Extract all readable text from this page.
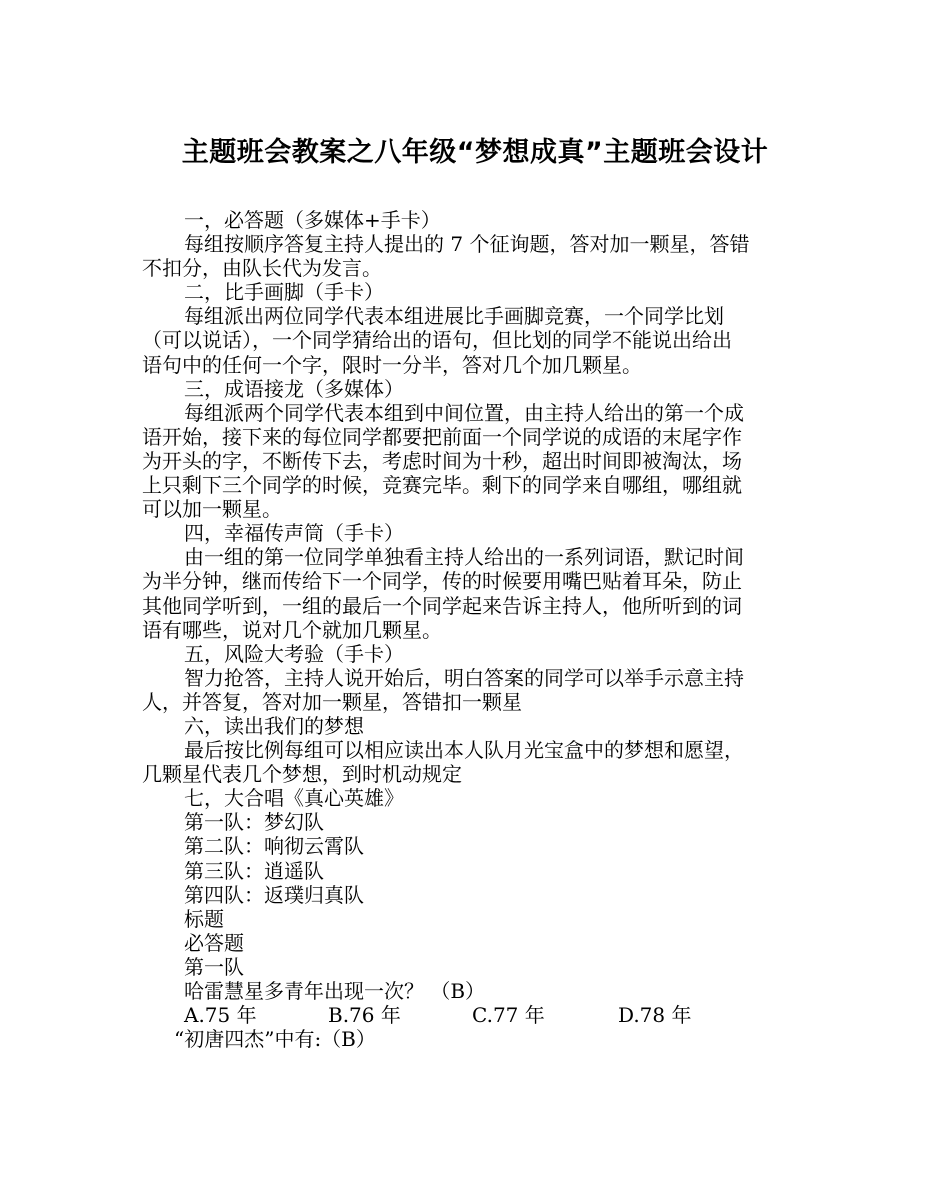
主题班会教案之八年级“梦想成真”主题班会设计
一，必答题（多媒体+手卡）
每组按顺序答复主持人提出的 7 个征询题，答对加一颗星，答错
不扣分，由队长代为发言。
二，比手画脚（手卡）
每组派出两位同学代表本组进展比手画脚竞赛，一个同学比划
（可以说话），一个同学猜给出的语句，但比划的同学不能说出给出
语句中的任何一个字，限时一分半，答对几个加几颗星。
三，成语接龙（多媒体）
每组派两个同学代表本组到中间位置，由主持人给出的第一个成
语开始，接下来的每位同学都要把前面一个同学说的成语的末尾字作
为开头的字，不断传下去，考虑时间为十秒，超出时间即被淘汰，场
上只剩下三个同学的时候，竞赛完毕。剩下的同学来自哪组，哪组就
可以加一颗星。
四，幸福传声筒（手卡）
由一组的第一位同学单独看主持人给出的一系列词语，默记时间
为半分钟，继而传给下一个同学，传的时候要用嘴巴贴着耳朵，防止
其他同学听到，一组的最后一个同学起来告诉主持人，他所听到的词
语有哪些，说对几个就加几颗星。
五，风险大考验（手卡）
智力抢答，主持人说开始后，明白答案的同学可以举手示意主持
人，并答复，答对加一颗星，答错扣一颗星
六，读出我们的梦想
最后按比例每组可以相应读出本人队月光宝盒中的梦想和愿望，
几颗星代表几个梦想，到时机动规定
七，大合唱《真心英雄》
第一队：梦幻队
第二队：响彻云霄队
第三队：逍遥队
第四队：返璞归真队
标题
必答题
第一队
哈雷慧星多青年出现一次？ （B）
A.75 年	B.76 年	C.77 年	D.78 年
“初唐四杰”中有:（B）
